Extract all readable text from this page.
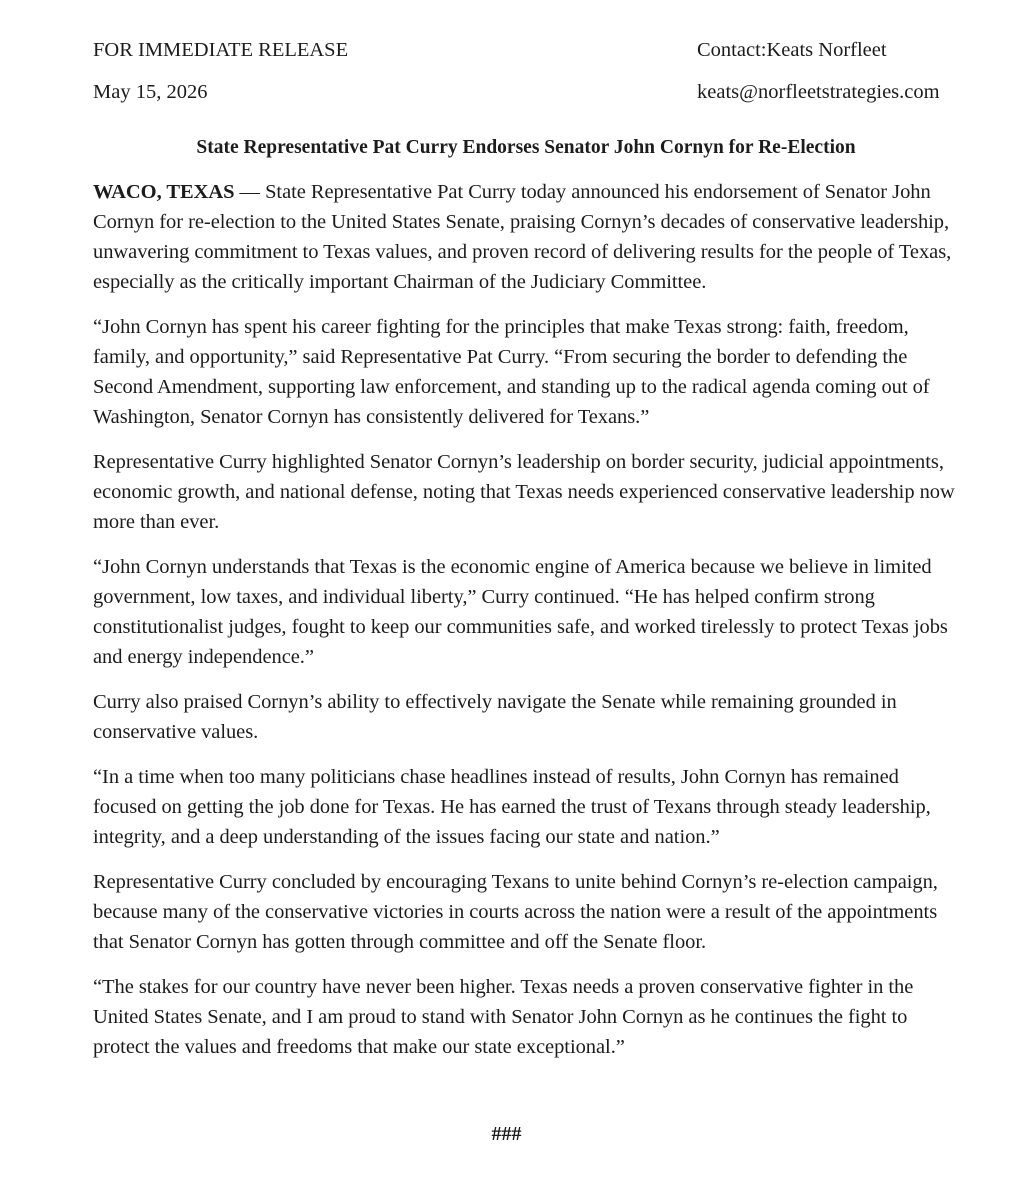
FOR IMMEDIATE RELEASE	Contact:Keats Norfleet
May 15, 2026	keats@norfleetstrategies.com
State Representative Pat Curry Endorses Senator John Cornyn for Re-Election

WACO, TEXAS — State Representative Pat Curry today announced his endorsement of Senator John Cornyn for re-election to the United States Senate, praising Cornyn’s decades of conservative leadership, unwavering commitment to Texas values, and proven record of delivering results for the people of Texas, especially as the critically important Chairman of the Judiciary Committee.

“John Cornyn has spent his career fighting for the principles that make Texas strong: faith, freedom, family, and opportunity,” said Representative Pat Curry. “From securing the border to defending the Second Amendment, supporting law enforcement, and standing up to the radical agenda coming out of Washington, Senator Cornyn has consistently delivered for Texans.”

Representative Curry highlighted Senator Cornyn’s leadership on border security, judicial appointments, economic growth, and national defense, noting that Texas needs experienced conservative leadership now more than ever.

“John Cornyn understands that Texas is the economic engine of America because we believe in limited government, low taxes, and individual liberty,” Curry continued. “He has helped confirm strong constitutionalist judges, fought to keep our communities safe, and worked tirelessly to protect Texas jobs and energy independence.”

Curry also praised Cornyn’s ability to effectively navigate the Senate while remaining grounded in conservative values.

“In a time when too many politicians chase headlines instead of results, John Cornyn has remained focused on getting the job done for Texas. He has earned the trust of Texans through steady leadership, integrity, and a deep understanding of the issues facing our state and nation.”

Representative Curry concluded by encouraging Texans to unite behind Cornyn’s re-election campaign, because many of the conservative victories in courts across the nation were a result of the appointments that Senator Cornyn has gotten through committee and off the Senate floor.

“The stakes for our country have never been higher. Texas needs a proven conservative fighter in the United States Senate, and I am proud to stand with Senator John Cornyn as he continues the fight to protect the values and freedoms that make our state exceptional.”

###
